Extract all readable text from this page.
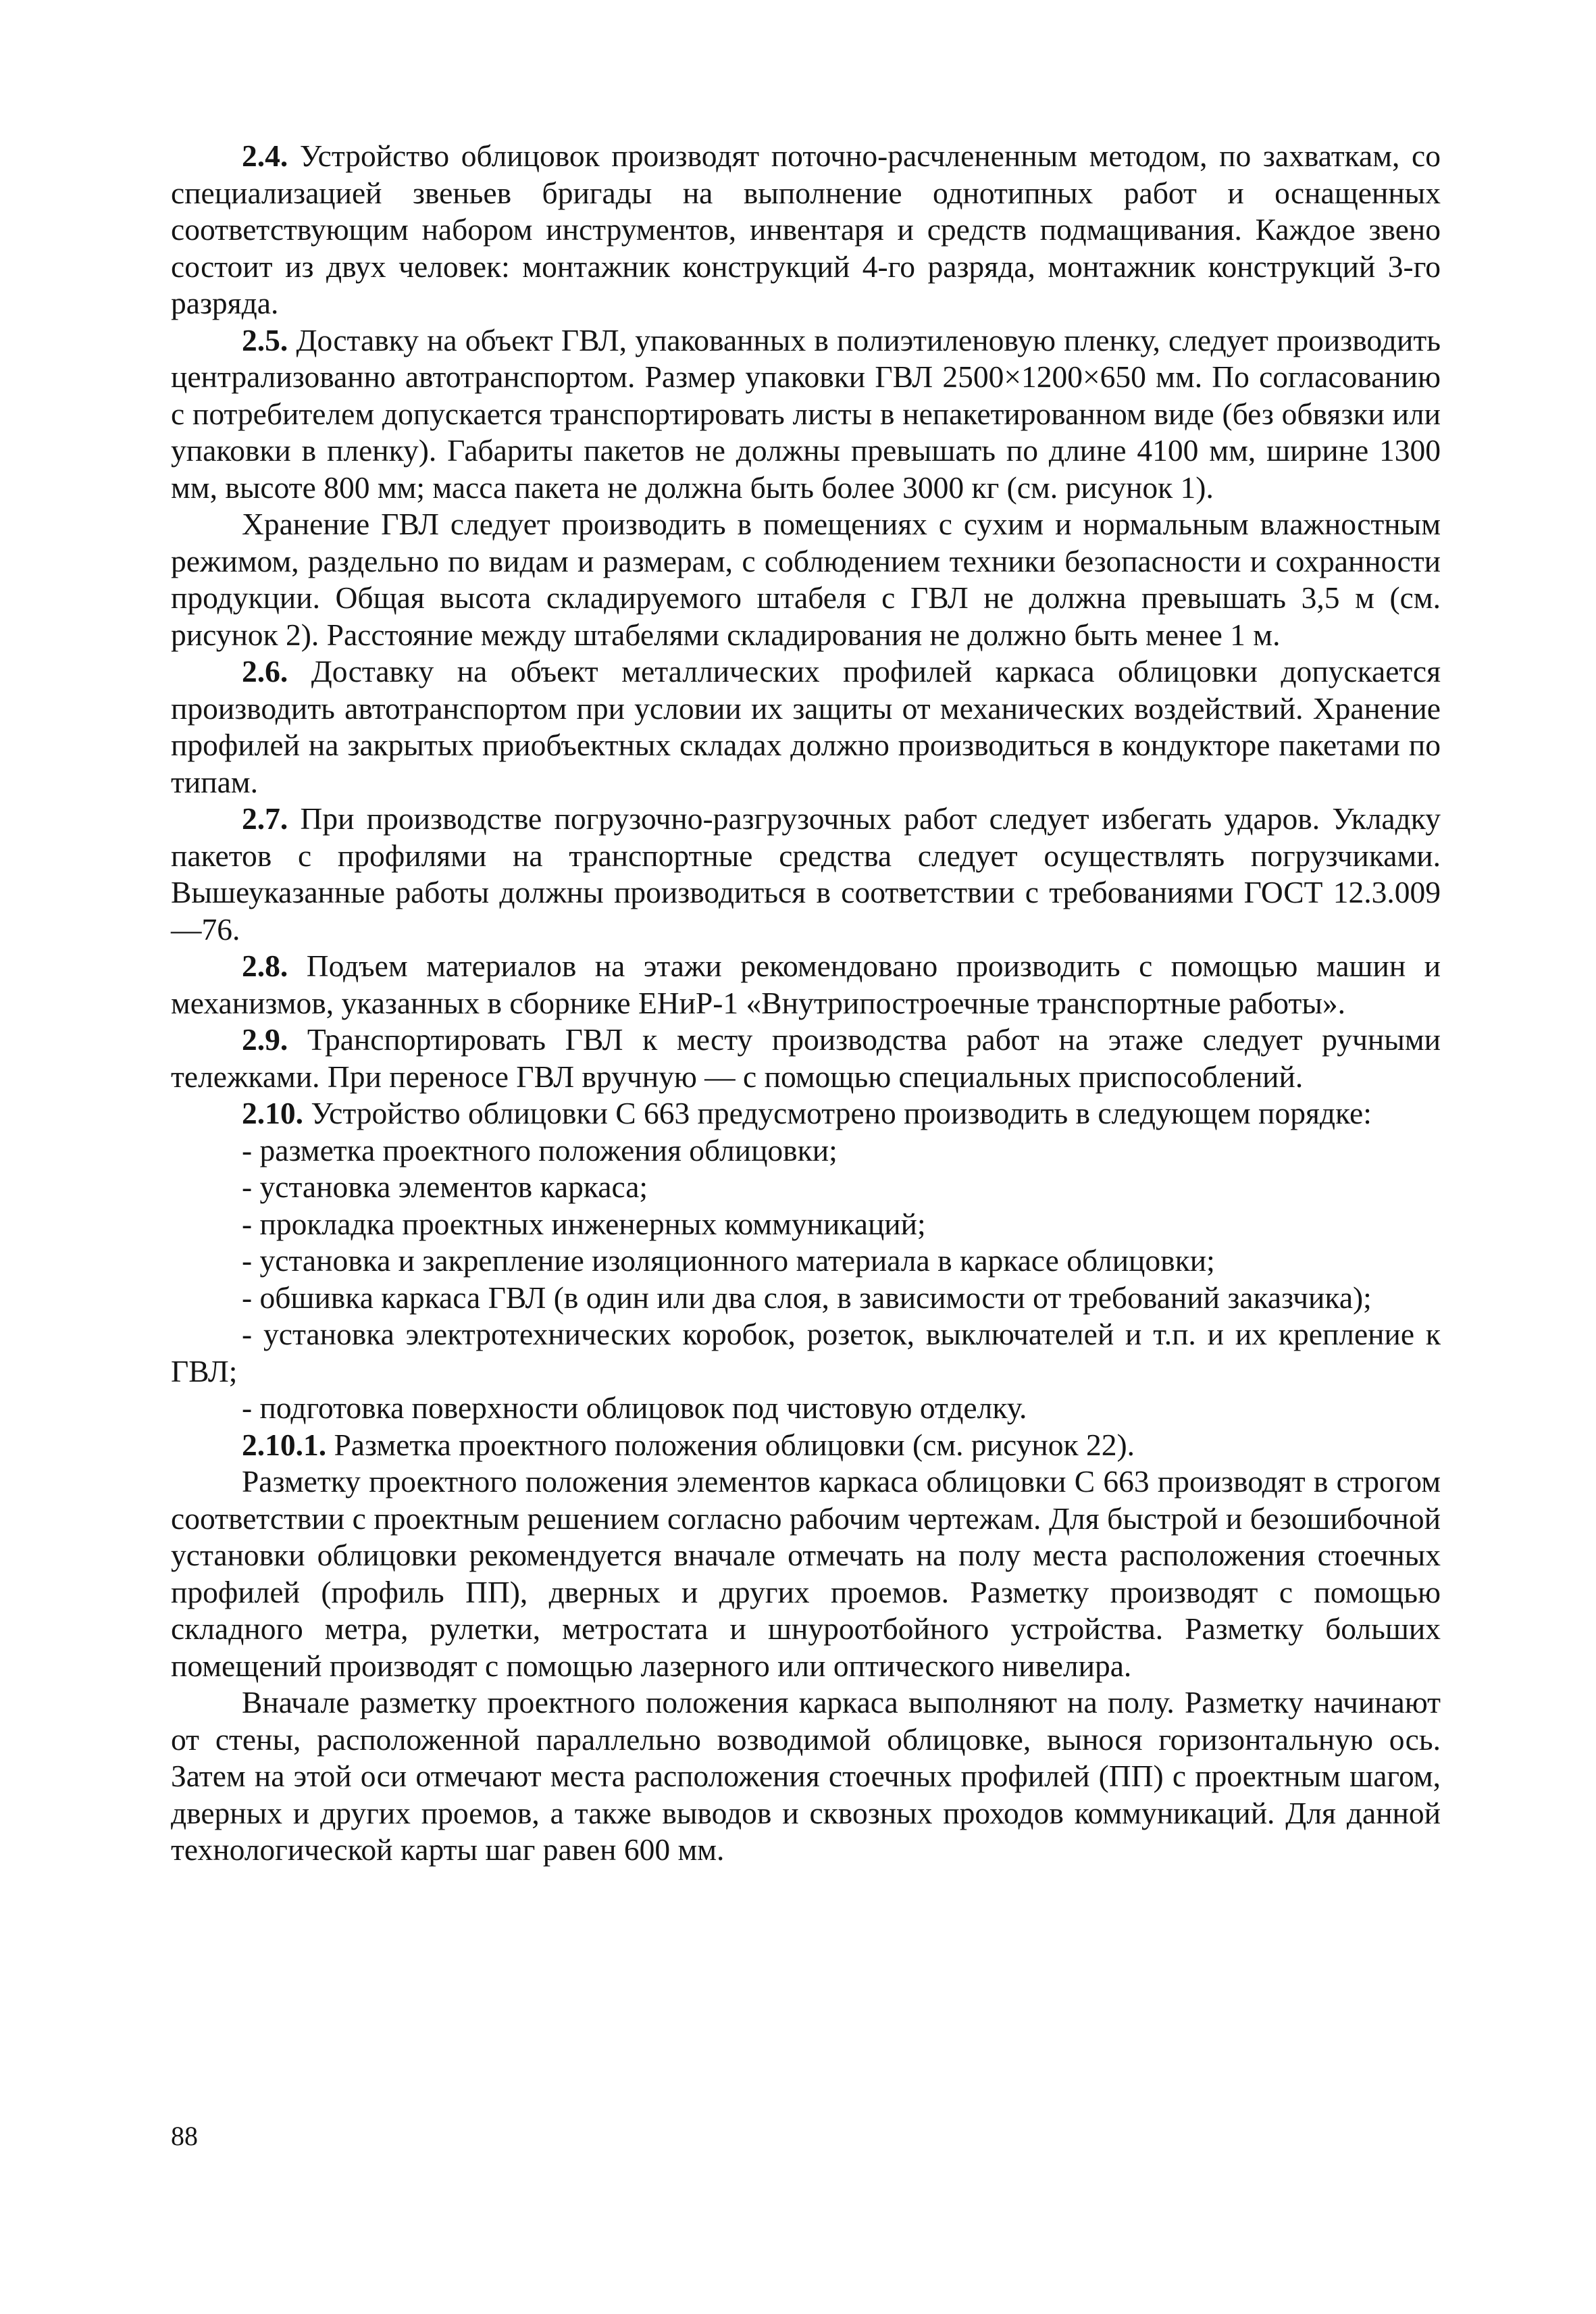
2.4. Устройство облицовок производят поточно-расчлененным методом, по захваткам, со специализацией звеньев бригады на выполнение однотипных работ и оснащенных соответствующим набором инструментов, инвентаря и средств подмащивания. Каждое звено состоит из двух человек: монтажник конструкций 4-го разряда, монтажник конструкций 3-го разряда.

2.5. Доставку на объект ГВЛ, упакованных в полиэтиленовую пленку, следует производить централизованно автотранспортом. Размер упаковки ГВЛ 2500×1200×650 мм. По согласованию с потребителем допускается транспортировать листы в непакетированном виде (без обвязки или упаковки в пленку). Габариты пакетов не должны превышать по длине 4100 мм, ширине 1300 мм, высоте 800 мм; масса пакета не должна быть более 3000 кг (см. рисунок 1).

Хранение ГВЛ следует производить в помещениях с сухим и нормальным влажностным режимом, раздельно по видам и размерам, с соблюдением техники безопасности и сохранности продукции. Общая высота складируемого штабеля с ГВЛ не должна превышать 3,5 м (см. рисунок 2). Расстояние между штабелями складирования не должно быть менее 1 м.

2.6. Доставку на объект металлических профилей каркаса облицовки допускается производить автотранспортом при условии их защиты от механических воздействий. Хранение профилей на закрытых приобъектных складах должно производиться в кондукторе пакетами по типам.

2.7. При производстве погрузочно-разгрузочных работ следует избегать ударов. Укладку пакетов с профилями на транспортные средства следует осуществлять погрузчиками. Вышеуказанные работы должны производиться в соответствии с требованиями ГОСТ 12.3.009—76.

2.8. Подъем материалов на этажи рекомендовано производить с помощью машин и механизмов, указанных в сборнике ЕНиР-1 «Внутрипостроечные транспортные работы».

2.9. Транспортировать ГВЛ к месту производства работ на этаже следует ручными тележками. При переносе ГВЛ вручную — с помощью специальных приспособлений.

2.10. Устройство облицовки С 663 предусмотрено производить в следующем порядке:

- разметка проектного положения облицовки;

- установка элементов каркаса;

- прокладка проектных инженерных коммуникаций;

- установка и закрепление изоляционного материала в каркасе облицовки;

- обшивка каркаса ГВЛ (в один или два слоя, в зависимости от требований заказчика);

- установка электротехнических коробок, розеток, выключателей и т.п. и их крепление к ГВЛ;

- подготовка поверхности облицовок под чистовую отделку.

2.10.1. Разметка проектного положения облицовки (см. рисунок 22).

Разметку проектного положения элементов каркаса облицовки С 663 производят в строгом соответствии с проектным решением согласно рабочим чертежам. Для быстрой и безошибочной установки облицовки рекомендуется вначале отмечать на полу места расположения стоечных профилей (профиль ПП), дверных и других проемов. Разметку производят с помощью складного метра, рулетки, метростата и шнуроотбойного устройства. Разметку больших помещений производят с помощью лазерного или оптического нивелира.

Вначале разметку проектного положения каркаса выполняют на полу. Разметку начинают от стены, расположенной параллельно возводимой облицовке, вынося горизонтальную ось. Затем на этой оси отмечают места расположения стоечных профилей (ПП) с проектным шагом, дверных и других проемов, а также выводов и сквозных проходов коммуникаций. Для данной технологической карты шаг равен 600 мм.

88
